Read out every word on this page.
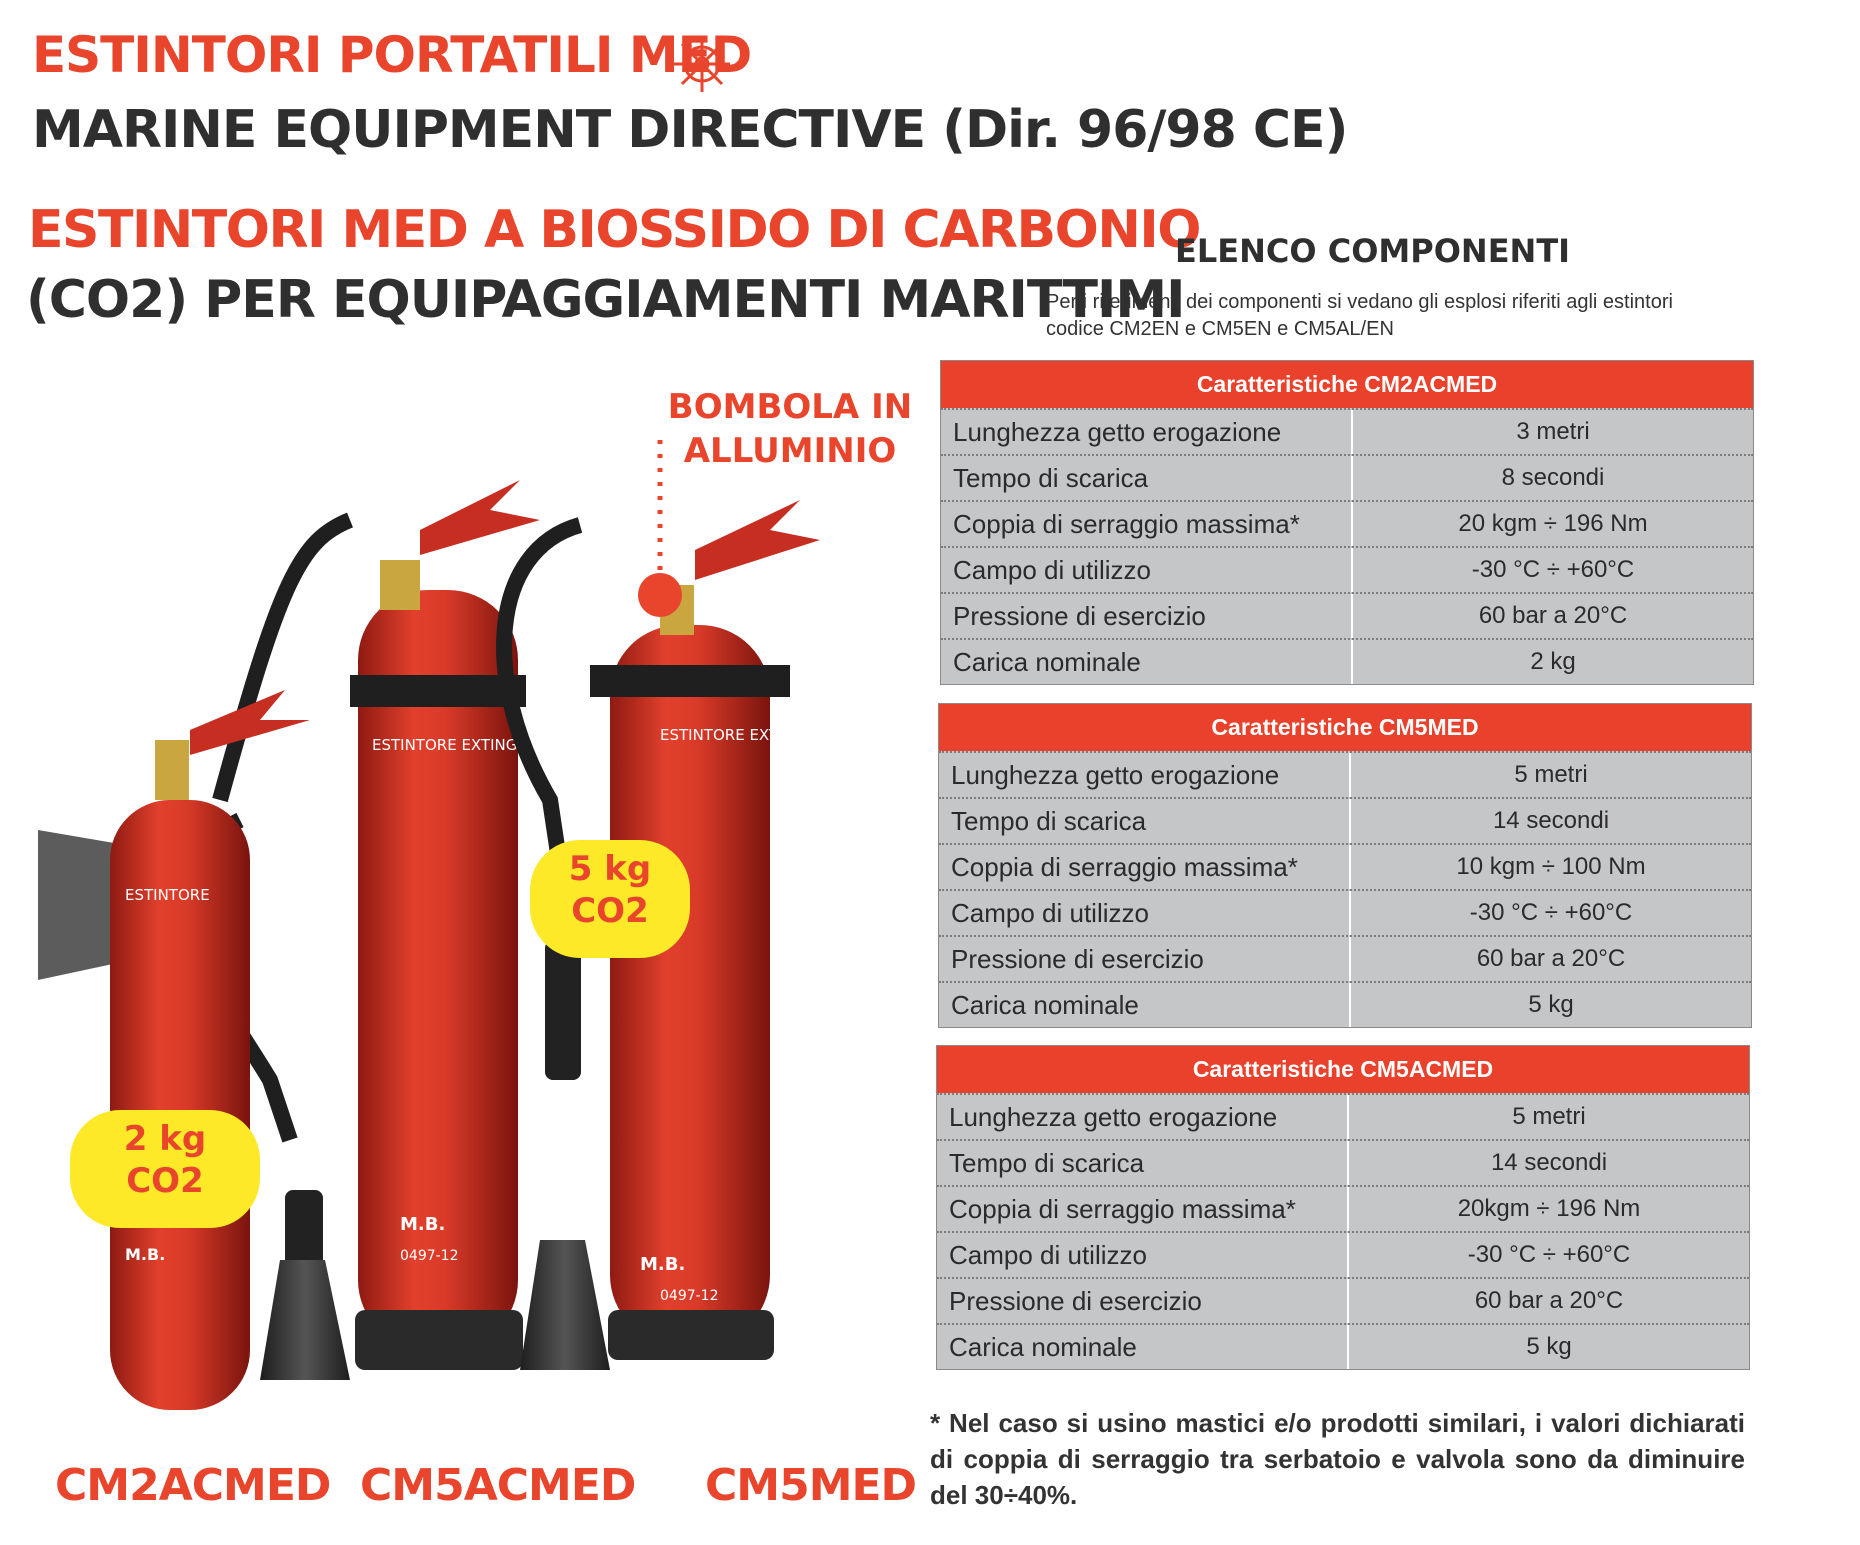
ESTINTORI PORTATILI MED
MARINE EQUIPMENT DIRECTIVE (Dir. 96/98 CE)
ESTINTORI MED A BIOSSIDO DI CARBONIO
(CO2) PER EQUIPAGGIAMENTI MARITTIMI
ELENCO COMPONENTI
Per i riferimenti dei componenti si vedano gli esplosi riferiti agli estintori codice CM2EN e CM5EN e CM5AL/EN
ESTINTORE EXTINGUISHER
M.B.
0497-12
ESTINTORE EXTINGUISHER
M.B.
0497-12
ESTINTORE
M.B.
BOMBOLA IN ALLUMINIO
5 kg
CO2
2 kg
CO2
CM2ACMED CM5ACMED CM5MED
Caratteristiche CM2ACMED
Lunghezza getto erogazione	3 metri
Tempo di scarica	8 secondi
Coppia di serraggio massima*	20 kgm ÷ 196 Nm
Campo di utilizzo	-30 °C ÷ +60°C
Pressione di esercizio	60 bar a 20°C
Carica nominale	2 kg
Caratteristiche CM5MED
Lunghezza getto erogazione	5 metri
Tempo di scarica	14 secondi
Coppia di serraggio massima*	10 kgm ÷ 100 Nm
Campo di utilizzo	-30 °C ÷ +60°C
Pressione di esercizio	60 bar a 20°C
Carica nominale	5 kg
Caratteristiche CM5ACMED
Lunghezza getto erogazione	5 metri
Tempo di scarica	14 secondi
Coppia di serraggio massima*	20kgm ÷ 196 Nm
Campo di utilizzo	-30 °C ÷ +60°C
Pressione di esercizio	60 bar a 20°C
Carica nominale	5 kg
* Nel caso si usino mastici e/o prodotti similari, i valori dichiarati di coppia di serraggio tra serbatoio e valvola sono da diminuire del 30÷40%.
